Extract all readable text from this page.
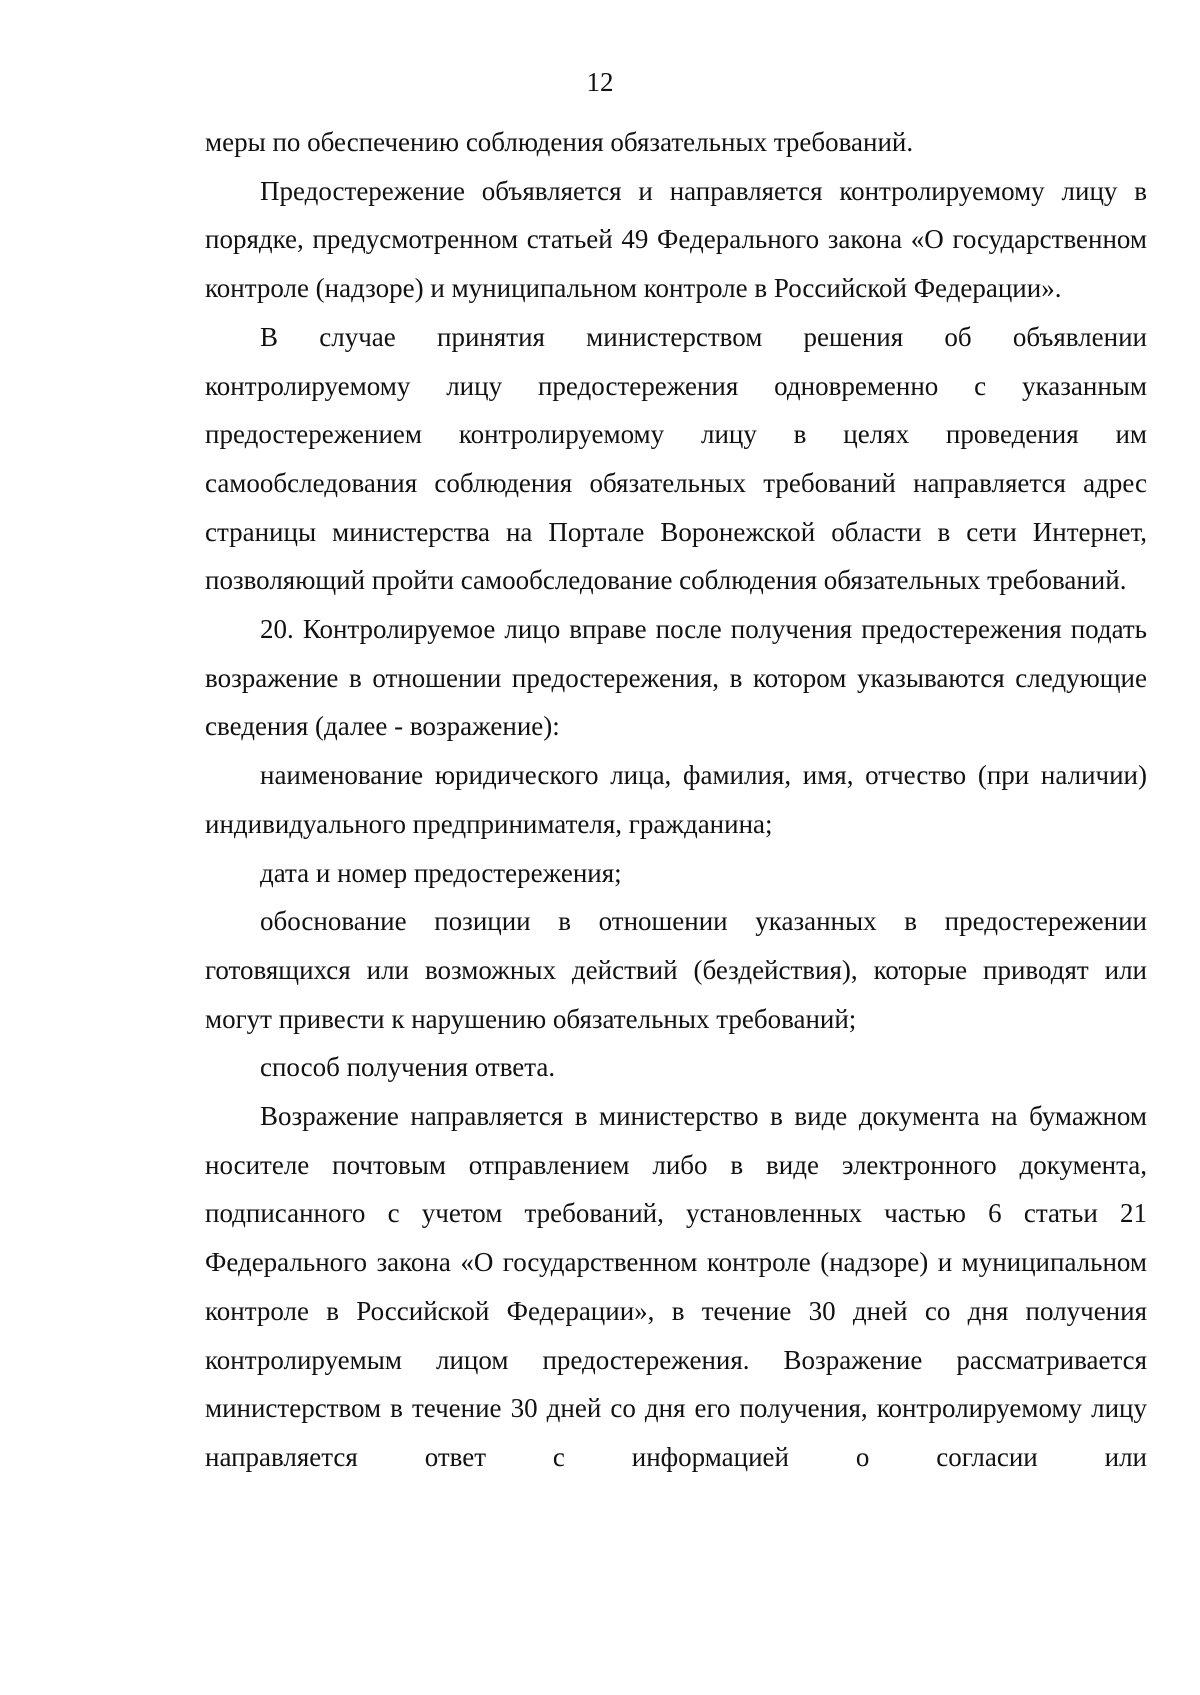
12

меры по обеспечению соблюдения обязательных требований.

Предостережение объявляется и направляется контролируемому лицу в порядке, предусмотренном статьей 49 Федерального закона «О государственном контроле (надзоре) и муниципальном контроле в Российской Федерации».

В случае принятия министерством решения об объявлении контролируемому лицу предостережения одновременно с указанным предостережением контролируемому лицу в целях проведения им самообследования соблюдения обязательных требований направляется адрес страницы министерства на Портале Воронежской области в сети Интернет, позволяющий пройти самообследование соблюдения обязательных требований.

20. Контролируемое лицо вправе после получения предостережения подать возражение в отношении предостережения, в котором указываются следующие сведения (далее - возражение):

наименование юридического лица, фамилия, имя, отчество (при наличии) индивидуального предпринимателя, гражданина;

дата и номер предостережения;

обоснование позиции в отношении указанных в предостережении готовящихся или возможных действий (бездействия), которые приводят или могут привести к нарушению обязательных требований;

способ получения ответа.

Возражение направляется в министерство в виде документа на бумажном носителе почтовым отправлением либо в виде электронного документа, подписанного с учетом требований, установленных частью 6 статьи 21 Федерального закона «О государственном контроле (надзоре) и муниципальном контроле в Российской Федерации», в течение 30 дней со дня получения контролируемым лицом предостережения. Возражение рассматривается министерством в течение 30 дней со дня его получения, контролируемому лицу направляется ответ с информацией о согласии или
